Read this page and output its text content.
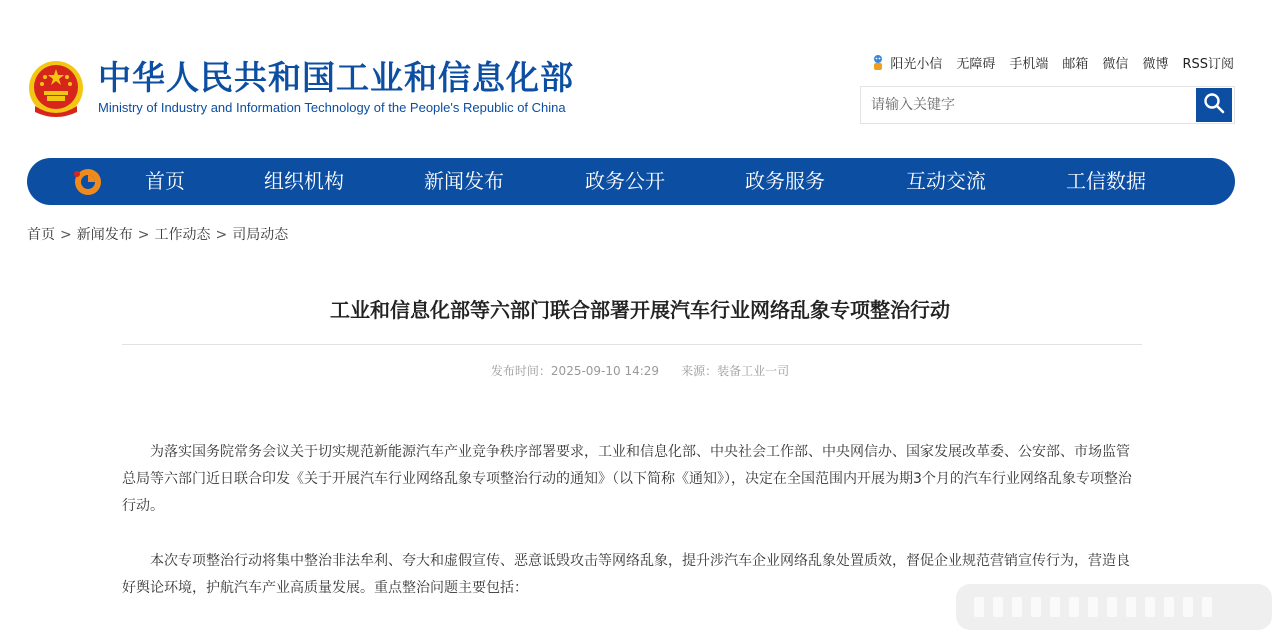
中华人民共和国工业和信息化部
Ministry of Industry and Information Technology of the People's Republic of China
阳光小信 无障碍 手机端 邮箱 微信 微博 RSS订阅
请输入关键字
首页	组织机构	新闻发布	政务公开	政务服务	互动交流	工信数据
首页 > 新闻发布 > 工作动态 > 司局动态
工业和信息化部等六部门联合部署开展汽车行业网络乱象专项整治行动
发布时间：2025-09-10 14:29 来源：装备工业一司

为落实国务院常务会议关于切实规范新能源汽车产业竞争秩序部署要求，工业和信息化部、中央社会工作部、中央网信办、国家发展改革委、公安部、市场监管总局等六部门近日联合印发《关于开展汽车行业网络乱象专项整治行动的通知》（以下简称《通知》），决定在全国范围内开展为期3个月的汽车行业网络乱象专项整治行动。

本次专项整治行动将集中整治非法牟利、夸大和虚假宣传、恶意诋毁攻击等网络乱象，提升涉汽车企业网络乱象处置质效，督促企业规范营销宣传行为，营造良好舆论环境，护航汽车产业高质量发展。重点整治问题主要包括：
